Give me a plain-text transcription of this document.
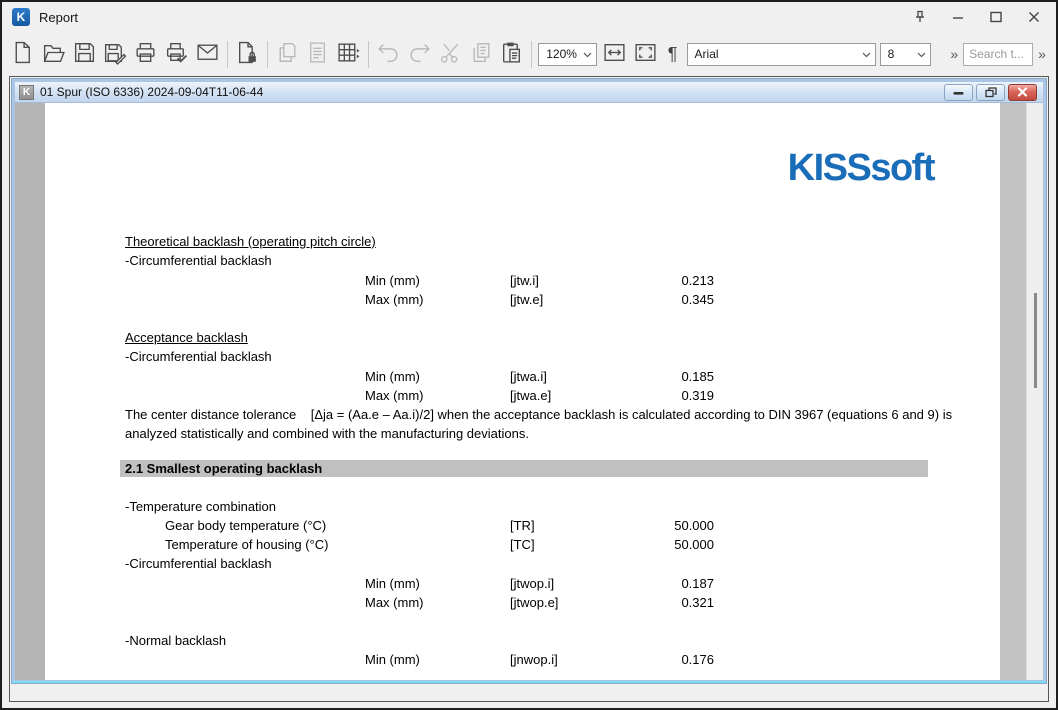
K	Report
120%	¶	Arial	8	»
Search t...	»
K 01 Spur (ISO 6336) 2024-09-04T11-06-44
KISSsoft
Theoretical backlash (operating pitch circle)
-Circumferential backlash
Min (mm)	[jtw.i]	0.213
Max (mm)	[jtw.e]	0.345
Acceptance backlash
-Circumferential backlash
Min (mm)	[jtwa.i]	0.185
Max (mm)	[jtwa.e]	0.319
The center distance tolerance    [Δja = (Aa.e – Aa.i)/2] when the acceptance backlash is calculated according to DIN 3967 (equations 6 and 9) is analyzed statistically and combined with the manufacturing deviations.
2.1 Smallest operating backlash
-Temperature combination
Gear body temperature (°C)	[TR]	50.000
Temperature of housing (°C)	[TC]	50.000
-Circumferential backlash
Min (mm)	[jtwop.i]	0.187
Max (mm)	[jtwop.e]	0.321
-Normal backlash
Min (mm)	[jnwop.i]	0.176
